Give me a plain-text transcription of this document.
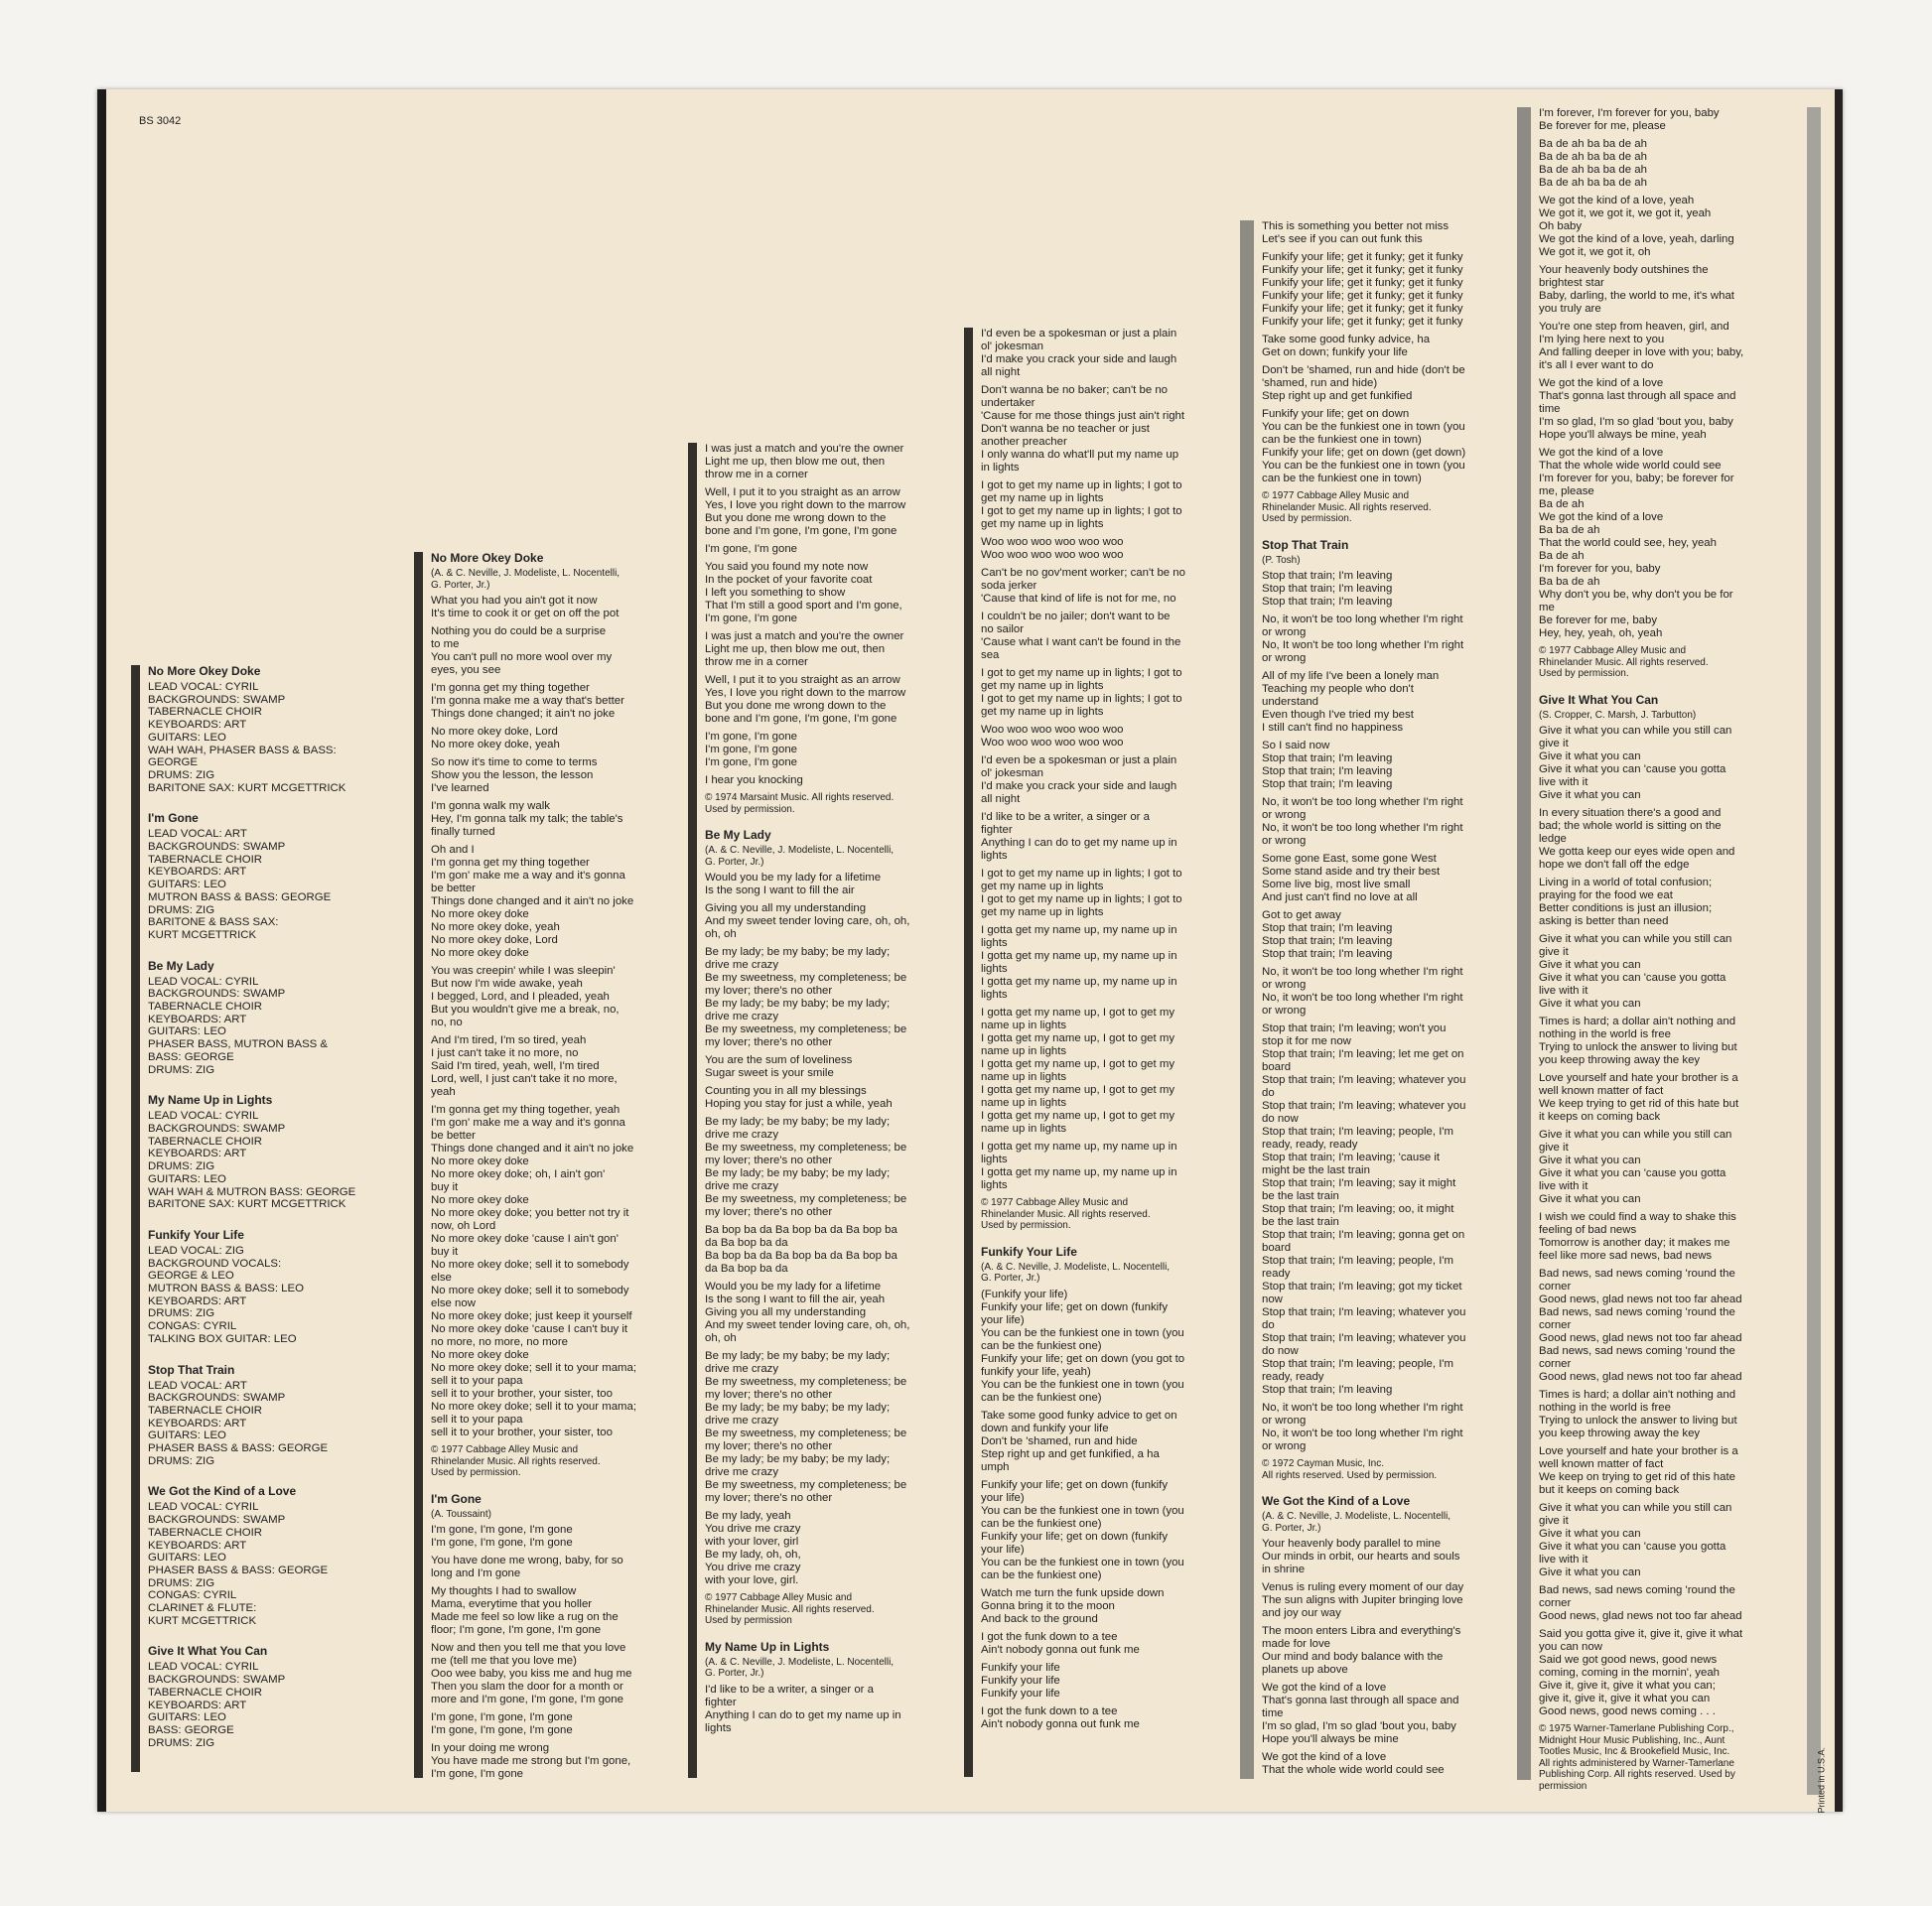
BS 3042
No More Okey Doke
LEAD VOCAL: CYRIL
BACKGROUNDS: SWAMP
TABERNACLE CHOIR
KEYBOARDS: ART
GUITARS: LEO
WAH WAH, PHASER BASS & BASS:
GEORGE
DRUMS: ZIG
BARITONE SAX: KURT MCGETTRICK
I'm Gone
LEAD VOCAL: ART
BACKGROUNDS: SWAMP
TABERNACLE CHOIR
KEYBOARDS: ART
GUITARS: LEO
MUTRON BASS & BASS: GEORGE
DRUMS: ZIG
BARITONE & BASS SAX:
KURT MCGETTRICK
Be My Lady
LEAD VOCAL: CYRIL
BACKGROUNDS: SWAMP
TABERNACLE CHOIR
KEYBOARDS: ART
GUITARS: LEO
PHASER BASS, MUTRON BASS &
BASS: GEORGE
DRUMS: ZIG
My Name Up in Lights
LEAD VOCAL: CYRIL
BACKGROUNDS: SWAMP
TABERNACLE CHOIR
KEYBOARDS: ART
DRUMS: ZIG
GUITARS: LEO
WAH WAH & MUTRON BASS: GEORGE
BARITONE SAX: KURT MCGETTRICK
Funkify Your Life
LEAD VOCAL: ZIG
BACKGROUND VOCALS:
GEORGE & LEO
MUTRON BASS & BASS: LEO
KEYBOARDS: ART
DRUMS: ZIG
CONGAS: CYRIL
TALKING BOX GUITAR: LEO
Stop That Train
LEAD VOCAL: ART
BACKGROUNDS: SWAMP
TABERNACLE CHOIR
KEYBOARDS: ART
GUITARS: LEO
PHASER BASS & BASS: GEORGE
DRUMS: ZIG
We Got the Kind of a Love
LEAD VOCAL: CYRIL
BACKGROUNDS: SWAMP
TABERNACLE CHOIR
KEYBOARDS: ART
GUITARS: LEO
PHASER BASS & BASS: GEORGE
DRUMS: ZIG
CONGAS: CYRIL
CLARINET & FLUTE:
KURT MCGETTRICK
Give It What You Can
LEAD VOCAL: CYRIL
BACKGROUNDS: SWAMP
TABERNACLE CHOIR
KEYBOARDS: ART
GUITARS: LEO
BASS: GEORGE
DRUMS: ZIG
No More Okey Doke
(A. & C. Neville, J. Modeliste, L. Nocentelli,
G. Porter, Jr.)
What you had you ain't got it now
It's time to cook it or get on off the pot
Nothing you do could be a surprise
to me
You can't pull no more wool over my
eyes, you see
I'm gonna get my thing together
I'm gonna make me a way that's better
Things done changed; it ain't no joke
No more okey doke, Lord
No more okey doke, yeah
So now it's time to come to terms
Show you the lesson, the lesson
I've learned
I'm gonna walk my walk
Hey, I'm gonna talk my talk; the table's
finally turned
Oh and I
I'm gonna get my thing together
I'm gon' make me a way and it's gonna
be better
Things done changed and it ain't no joke
No more okey doke
No more okey doke, yeah
No more okey doke, Lord
No more okey doke
You was creepin' while I was sleepin'
But now I'm wide awake, yeah
I begged, Lord, and I pleaded, yeah
But you wouldn't give me a break, no,
no, no
And I'm tired, I'm so tired, yeah
I just can't take it no more, no
Said I'm tired, yeah, well, I'm tired
Lord, well, I just can't take it no more,
yeah
I'm gonna get my thing together, yeah
I'm gon' make me a way and it's gonna
be better
Things done changed and it ain't no joke
No more okey doke
No more okey doke; oh, I ain't gon'
buy it
No more okey doke
No more okey doke; you better not try it
now, oh Lord
No more okey doke 'cause I ain't gon'
buy it
No more okey doke; sell it to somebody
else
No more okey doke; sell it to somebody
else now
No more okey doke; just keep it yourself
No more okey doke 'cause I can't buy it
no more, no more, no more
No more okey doke
No more okey doke; sell it to your mama;
sell it to your papa
sell it to your brother, your sister, too
No more okey doke; sell it to your mama;
sell it to your papa
sell it to your brother, your sister, too
© 1977 Cabbage Alley Music and
Rhinelander Music. All rights reserved.
Used by permission.
I'm Gone
(A. Toussaint)
I'm gone, I'm gone, I'm gone
I'm gone, I'm gone, I'm gone
You have done me wrong, baby, for so
long and I'm gone
My thoughts I had to swallow
Mama, everytime that you holler
Made me feel so low like a rug on the
floor; I'm gone, I'm gone, I'm gone
Now and then you tell me that you love
me (tell me that you love me)
Ooo wee baby, you kiss me and hug me
Then you slam the door for a month or
more and I'm gone, I'm gone, I'm gone
I'm gone, I'm gone, I'm gone
I'm gone, I'm gone, I'm gone
In your doing me wrong
You have made me strong but I'm gone,
I'm gone, I'm gone
I was just a match and you're the owner
Light me up, then blow me out, then
throw me in a corner
Well, I put it to you straight as an arrow
Yes, I love you right down to the marrow
But you done me wrong down to the
bone and I'm gone, I'm gone, I'm gone
I'm gone, I'm gone
You said you found my note now
In the pocket of your favorite coat
I left you something to show
That I'm still a good sport and I'm gone,
I'm gone, I'm gone
I was just a match and you're the owner
Light me up, then blow me out, then
throw me in a corner
Well, I put it to you straight as an arrow
Yes, I love you right down to the marrow
But you done me wrong down to the
bone and I'm gone, I'm gone, I'm gone
I'm gone, I'm gone
I'm gone, I'm gone
I'm gone, I'm gone
I hear you knocking
© 1974 Marsaint Music. All rights reserved.
Used by permission.
Be My Lady
(A. & C. Neville, J. Modeliste, L. Nocentelli,
G. Porter, Jr.)
Would you be my lady for a lifetime
Is the song I want to fill the air
Giving you all my understanding
And my sweet tender loving care, oh, oh,
oh, oh
Be my lady; be my baby; be my lady;
drive me crazy
Be my sweetness, my completeness; be
my lover; there's no other
Be my lady; be my baby; be my lady;
drive me crazy
Be my sweetness, my completeness; be
my lover; there's no other
You are the sum of loveliness
Sugar sweet is your smile
Counting you in all my blessings
Hoping you stay for just a while, yeah
Be my lady; be my baby; be my lady;
drive me crazy
Be my sweetness, my completeness; be
my lover; there's no other
Be my lady; be my baby; be my lady;
drive me crazy
Be my sweetness, my completeness; be
my lover; there's no other
Ba bop ba da Ba bop ba da Ba bop ba
da Ba bop ba da
Ba bop ba da Ba bop ba da Ba bop ba
da Ba bop ba da
Would you be my lady for a lifetime
Is the song I want to fill the air, yeah
Giving you all my understanding
And my sweet tender loving care, oh, oh,
oh, oh
Be my lady; be my baby; be my lady;
drive me crazy
Be my sweetness, my completeness; be
my lover; there's no other
Be my lady; be my baby; be my lady;
drive me crazy
Be my sweetness, my completeness; be
my lover; there's no other
Be my lady; be my baby; be my lady;
drive me crazy
Be my sweetness, my completeness; be
my lover; there's no other
Be my lady, yeah
You drive me crazy
with your lover, girl
Be my lady, oh, oh,
You drive me crazy
with your love, girl.
© 1977 Cabbage Alley Music and
Rhinelander Music. All rights reserved.
Used by permission
My Name Up in Lights
(A. & C. Neville, J. Modeliste, L. Nocentelli,
G. Porter, Jr.)
I'd like to be a writer, a singer or a
fighter
Anything I can do to get my name up in
lights
I'd even be a spokesman or just a plain
ol' jokesman
I'd make you crack your side and laugh
all night
Don't wanna be no baker; can't be no
undertaker
'Cause for me those things just ain't right
Don't wanna be no teacher or just
another preacher
I only wanna do what'll put my name up
in lights
I got to get my name up in lights; I got to
get my name up in lights
I got to get my name up in lights; I got to
get my name up in lights
Woo woo woo woo woo woo
Woo woo woo woo woo woo
Can't be no gov'ment worker; can't be no
soda jerker
'Cause that kind of life is not for me, no
I couldn't be no jailer; don't want to be
no sailor
'Cause what I want can't be found in the
sea
I got to get my name up in lights; I got to
get my name up in lights
I got to get my name up in lights; I got to
get my name up in lights
Woo woo woo woo woo woo
Woo woo woo woo woo woo
I'd even be a spokesman or just a plain
ol' jokesman
I'd make you crack your side and laugh
all night
I'd like to be a writer, a singer or a
fighter
Anything I can do to get my name up in
lights
I got to get my name up in lights; I got to
get my name up in lights
I got to get my name up in lights; I got to
get my name up in lights
I gotta get my name up, my name up in
lights
I gotta get my name up, my name up in
lights
I gotta get my name up, my name up in
lights
I gotta get my name up, I got to get my
name up in lights
I gotta get my name up, I got to get my
name up in lights
I gotta get my name up, I got to get my
name up in lights
I gotta get my name up, I got to get my
name up in lights
I gotta get my name up, I got to get my
name up in lights
I gotta get my name up, my name up in
lights
I gotta get my name up, my name up in
lights
© 1977 Cabbage Alley Music and
Rhinelander Music. All rights reserved.
Used by permission.
Funkify Your Life
(A. & C. Neville, J. Modeliste, L. Nocentelli,
G. Porter, Jr.)
(Funkify your life)
Funkify your life; get on down (funkify
your life)
You can be the funkiest one in town (you
can be the funkiest one)
Funkify your life; get on down (you got to
funkify your life, yeah)
You can be the funkiest one in town (you
can be the funkiest one)
Take some good funky advice to get on
down and funkify your life
Don't be 'shamed, run and hide
Step right up and get funkified, a ha
umph
Funkify your life; get on down (funkify
your life)
You can be the funkiest one in town (you
can be the funkiest one)
Funkify your life; get on down (funkify
your life)
You can be the funkiest one in town (you
can be the funkiest one)
Watch me turn the funk upside down
Gonna bring it to the moon
And back to the ground
I got the funk down to a tee
Ain't nobody gonna out funk me
Funkify your life
Funkify your life
Funkify your life
I got the funk down to a tee
Ain't nobody gonna out funk me
This is something you better not miss
Let's see if you can out funk this
Funkify your life; get it funky; get it funky
Funkify your life; get it funky; get it funky
Funkify your life; get it funky; get it funky
Funkify your life; get it funky; get it funky
Funkify your life; get it funky; get it funky
Funkify your life; get it funky; get it funky
Take some good funky advice, ha
Get on down; funkify your life
Don't be 'shamed, run and hide (don't be
'shamed, run and hide)
Step right up and get funkified
Funkify your life; get on down
You can be the funkiest one in town (you
can be the funkiest one in town)
Funkify your life; get on down (get down)
You can be the funkiest one in town (you
can be the funkiest one in town)
© 1977 Cabbage Alley Music and
Rhinelander Music. All rights reserved.
Used by permission.
Stop That Train
(P. Tosh)
Stop that train; I'm leaving
Stop that train; I'm leaving
Stop that train; I'm leaving
No, it won't be too long whether I'm right
or wrong
No, It won't be too long whether I'm right
or wrong
All of my life I've been a lonely man
Teaching my people who don't
understand
Even though I've tried my best
I still can't find no happiness
So I said now
Stop that train; I'm leaving
Stop that train; I'm leaving
Stop that train; I'm leaving
No, it won't be too long whether I'm right
or wrong
No, it won't be too long whether I'm right
or wrong
Some gone East, some gone West
Some stand aside and try their best
Some live big, most live small
And just can't find no love at all
Got to get away
Stop that train; I'm leaving
Stop that train; I'm leaving
Stop that train; I'm leaving
No, it won't be too long whether I'm right
or wrong
No, it won't be too long whether I'm right
or wrong
Stop that train; I'm leaving; won't you
stop it for me now
Stop that train; I'm leaving; let me get on
board
Stop that train; I'm leaving; whatever you
do
Stop that train; I'm leaving; whatever you
do now
Stop that train; I'm leaving; people, I'm
ready, ready, ready
Stop that train; I'm leaving; 'cause it
might be the last train
Stop that train; I'm leaving; say it might
be the last train
Stop that train; I'm leaving; oo, it might
be the last train
Stop that train; I'm leaving; gonna get on
board
Stop that train; I'm leaving; people, I'm
ready
Stop that train; I'm leaving; got my ticket
now
Stop that train; I'm leaving; whatever you
do
Stop that train; I'm leaving; whatever you
do now
Stop that train; I'm leaving; people, I'm
ready, ready
Stop that train; I'm leaving
No, it won't be too long whether I'm right
or wrong
No, it won't be too long whether I'm right
or wrong
© 1972 Cayman Music, Inc.
All rights reserved. Used by permission.
We Got the Kind of a Love
(A. & C. Neville, J. Modeliste, L. Nocentelli,
G. Porter, Jr.)
Your heavenly body parallel to mine
Our minds in orbit, our hearts and souls
in shrine
Venus is ruling every moment of our day
The sun aligns with Jupiter bringing love
and joy our way
The moon enters Libra and everything's
made for love
Our mind and body balance with the
planets up above
We got the kind of a love
That's gonna last through all space and
time
I'm so glad, I'm so glad 'bout you, baby
Hope you'll always be mine
We got the kind of a love
That the whole wide world could see
I'm forever, I'm forever for you, baby
Be forever for me, please
Ba de ah ba ba de ah
Ba de ah ba ba de ah
Ba de ah ba ba de ah
Ba de ah ba ba de ah
We got the kind of a love, yeah
We got it, we got it, we got it, yeah
Oh baby
We got the kind of a love, yeah, darling
We got it, we got it, oh
Your heavenly body outshines the
brightest star
Baby, darling, the world to me, it's what
you truly are
You're one step from heaven, girl, and
I'm lying here next to you
And falling deeper in love with you; baby,
it's all I ever want to do
We got the kind of a love
That's gonna last through all space and
time
I'm so glad, I'm so glad 'bout you, baby
Hope you'll always be mine, yeah
We got the kind of a love
That the whole wide world could see
I'm forever for you, baby; be forever for
me, please
Ba de ah
We got the kind of a love
Ba ba de ah
That the world could see, hey, yeah
Ba de ah
I'm forever for you, baby
Ba ba de ah
Why don't you be, why don't you be for
me
Be forever for me, baby
Hey, hey, yeah, oh, yeah
© 1977 Cabbage Alley Music and
Rhinelander Music. All rights reserved.
Used by permission.
Give It What You Can
(S. Cropper, C. Marsh, J. Tarbutton)
Give it what you can while you still can
give it
Give it what you can
Give it what you can 'cause you gotta
live with it
Give it what you can
In every situation there's a good and
bad; the whole world is sitting on the
ledge
We gotta keep our eyes wide open and
hope we don't fall off the edge
Living in a world of total confusion;
praying for the food we eat
Better conditions is just an illusion;
asking is better than need
Give it what you can while you still can
give it
Give it what you can
Give it what you can 'cause you gotta
live with it
Give it what you can
Times is hard; a dollar ain't nothing and
nothing in the world is free
Trying to unlock the answer to living but
you keep throwing away the key
Love yourself and hate your brother is a
well known matter of fact
We keep trying to get rid of this hate but
it keeps on coming back
Give it what you can while you still can
give it
Give it what you can
Give it what you can 'cause you gotta
live with it
Give it what you can
I wish we could find a way to shake this
feeling of bad news
Tomorrow is another day; it makes me
feel like more sad news, bad news
Bad news, sad news coming 'round the
corner
Good news, glad news not too far ahead
Bad news, sad news coming 'round the
corner
Good news, glad news not too far ahead
Bad news, sad news coming 'round the
corner
Good news, glad news not too far ahead
Times is hard; a dollar ain't nothing and
nothing in the world is free
Trying to unlock the answer to living but
you keep throwing away the key
Love yourself and hate your brother is a
well known matter of fact
We keep on trying to get rid of this hate
but it keeps on coming back
Give it what you can while you still can
give it
Give it what you can
Give it what you can 'cause you gotta
live with it
Give it what you can
Bad news, sad news coming 'round the
corner
Good news, glad news not too far ahead
Said you gotta give it, give it, give it what
you can now
Said we got good news, good news
coming, coming in the mornin', yeah
Give it, give it, give it what you can;
give it, give it, give it what you can
Good news, good news coming . . .
© 1975 Warner-Tamerlane Publishing Corp.,
Midnight Hour Music Publishing, Inc., Aunt
Tootles Music, Inc & Brookefield Music, Inc.
All rights administered by Warner-Tamerlane
Publishing Corp. All rights reserved. Used by
permission	Printed in U.S.A.
